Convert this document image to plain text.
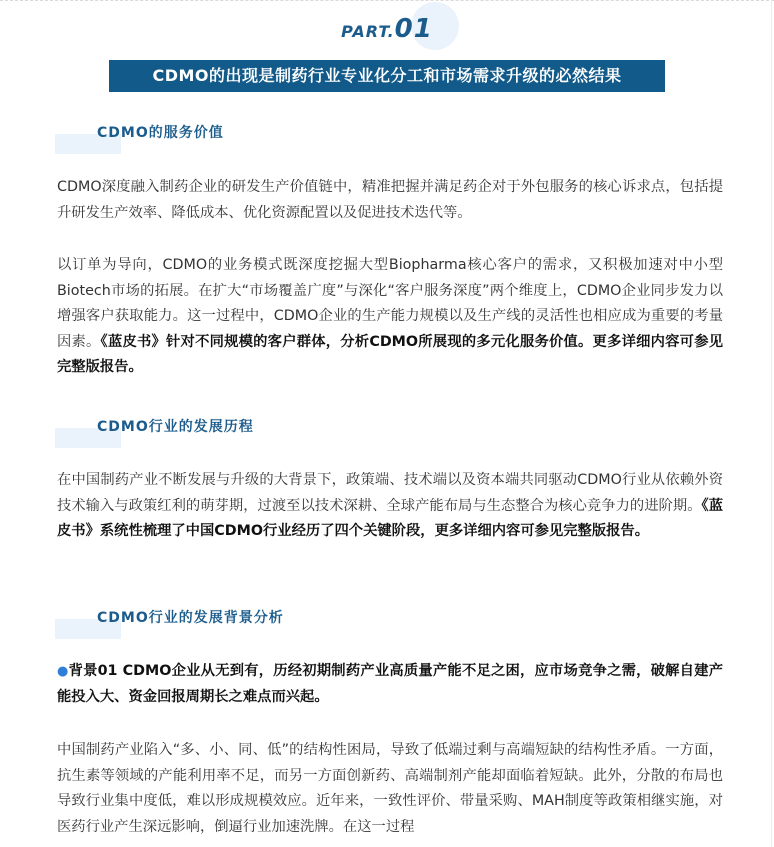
PART.01
CDMO的出现是制药行业专业化分工和市场需求升级的必然结果
CDMO的服务价值

CDMO深度融入制药企业的研发生产价值链中，精准把握并满足药企对于外包服务的核心诉求点，包括提升研发生产效率、降低成本、优化资源配置以及促进技术迭代等。

以订单为导向，CDMO的业务模式既深度挖掘大型Biopharma核心客户的需求，又积极加速对中小型Biotech市场的拓展。在扩大“市场覆盖广度”与深化“客户服务深度”两个维度上，CDMO企业同步发力以增强客户获取能力。这一过程中，CDMO企业的生产能力规模以及生产线的灵活性也相应成为重要的考量因素。《蓝皮书》针对不同规模的客户群体，分析CDMO所展现的多元化服务价值。更多详细内容可参见完整版报告。

CDMO行业的发展历程

在中国制药产业不断发展与升级的大背景下，政策端、技术端以及资本端共同驱动CDMO行业从依赖外资技术输入与政策红利的萌芽期，过渡至以技术深耕、全球产能布局与生态整合为核心竞争力的进阶期。《蓝皮书》系统性梳理了中国CDMO行业经历了四个关键阶段，更多详细内容可参见完整版报告。

CDMO行业的发展背景分析

●背景01 CDMO企业从无到有，历经初期制药产业高质量产能不足之困，应市场竞争之需，破解自建产能投入大、资金回报周期长之难点而兴起。

中国制药产业陷入“多、小、同、低”的结构性困局，导致了低端过剩与高端短缺的结构性矛盾。一方面，抗生素等领域的产能利用率不足，而另一方面创新药、高端制剂产能却面临着短缺。此外，分散的布局也导致行业集中度低，难以形成规模效应。近年来，一致性评价、带量采购、MAH制度等政策相继实施，对医药行业产生深远影响，倒逼行业加速洗牌。在这一过程
